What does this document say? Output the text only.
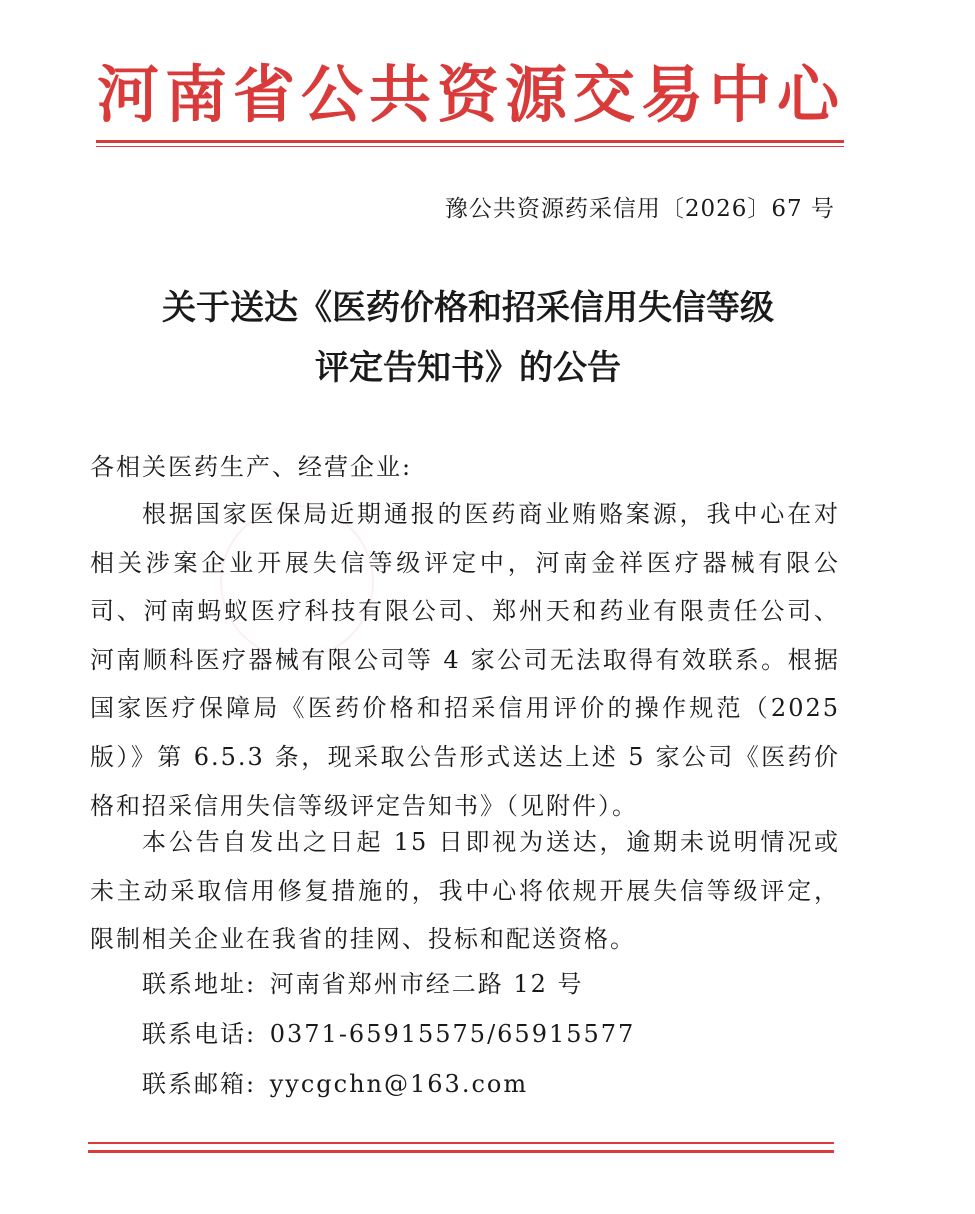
河南省公共资源交易中心
豫公共资源药采信用〔2026〕67 号
关于送达《医药价格和招采信用失信等级
评定告知书》的公告
各相关医药生产、经营企业:
根据国家医保局近期通报的医药商业贿赂案源，我中心在对相关涉案企业开展失信等级评定中，河南金祥医疗器械有限公司、河南蚂蚁医疗科技有限公司、郑州天和药业有限责任公司、河南顺科医疗器械有限公司等 4 家公司无法取得有效联系。根据国家医疗保障局《医药价格和招采信用评价的操作规范（2025版）》第 6.5.3 条，现采取公告形式送达上述 5 家公司《医药价格和招采信用失信等级评定告知书》（见附件）。
本公告自发出之日起 15 日即视为送达，逾期未说明情况或未主动采取信用修复措施的，我中心将依规开展失信等级评定，限制相关企业在我省的挂网、投标和配送资格。
联系地址: 河南省郑州市经二路 12 号
联系电话: 0371-65915575/65915577
联系邮箱: yycgchn@163.com
